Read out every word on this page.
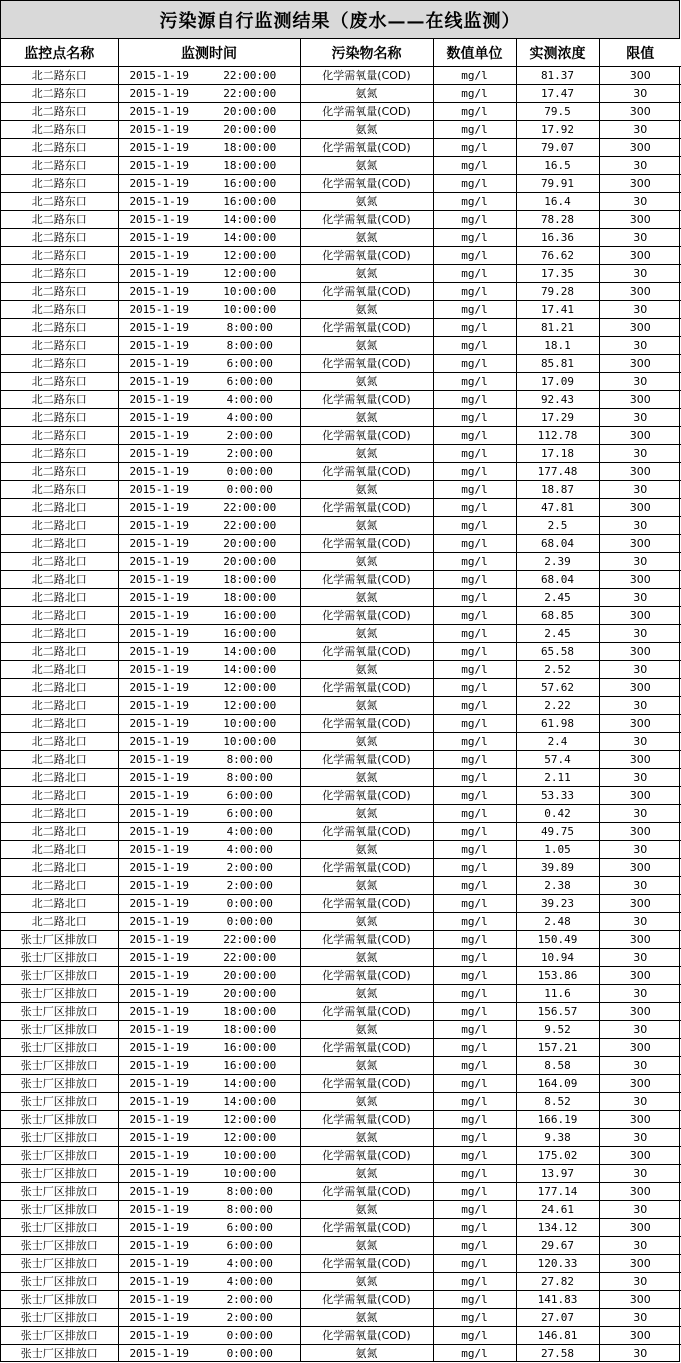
污染源自行监测结果（废水——在线监测）
监控点名称	监测时间		污染物名称	数值单位	实测浓度	限值
北二路东口	2015-1-19	22:00:00	化学需氧量(COD)	mg/l	81.37	300
北二路东口	2015-1-19	22:00:00	氨氮	mg/l	17.47	30
北二路东口	2015-1-19	20:00:00	化学需氧量(COD)	mg/l	79.5	300
北二路东口	2015-1-19	20:00:00	氨氮	mg/l	17.92	30
北二路东口	2015-1-19	18:00:00	化学需氧量(COD)	mg/l	79.07	300
北二路东口	2015-1-19	18:00:00	氨氮	mg/l	16.5	30
北二路东口	2015-1-19	16:00:00	化学需氧量(COD)	mg/l	79.91	300
北二路东口	2015-1-19	16:00:00	氨氮	mg/l	16.4	30
北二路东口	2015-1-19	14:00:00	化学需氧量(COD)	mg/l	78.28	300
北二路东口	2015-1-19	14:00:00	氨氮	mg/l	16.36	30
北二路东口	2015-1-19	12:00:00	化学需氧量(COD)	mg/l	76.62	300
北二路东口	2015-1-19	12:00:00	氨氮	mg/l	17.35	30
北二路东口	2015-1-19	10:00:00	化学需氧量(COD)	mg/l	79.28	300
北二路东口	2015-1-19	10:00:00	氨氮	mg/l	17.41	30
北二路东口	2015-1-19	8:00:00	化学需氧量(COD)	mg/l	81.21	300
北二路东口	2015-1-19	8:00:00	氨氮	mg/l	18.1	30
北二路东口	2015-1-19	6:00:00	化学需氧量(COD)	mg/l	85.81	300
北二路东口	2015-1-19	6:00:00	氨氮	mg/l	17.09	30
北二路东口	2015-1-19	4:00:00	化学需氧量(COD)	mg/l	92.43	300
北二路东口	2015-1-19	4:00:00	氨氮	mg/l	17.29	30
北二路东口	2015-1-19	2:00:00	化学需氧量(COD)	mg/l	112.78	300
北二路东口	2015-1-19	2:00:00	氨氮	mg/l	17.18	30
北二路东口	2015-1-19	0:00:00	化学需氧量(COD)	mg/l	177.48	300
北二路东口	2015-1-19	0:00:00	氨氮	mg/l	18.87	30
北二路北口	2015-1-19	22:00:00	化学需氧量(COD)	mg/l	47.81	300
北二路北口	2015-1-19	22:00:00	氨氮	mg/l	2.5	30
北二路北口	2015-1-19	20:00:00	化学需氧量(COD)	mg/l	68.04	300
北二路北口	2015-1-19	20:00:00	氨氮	mg/l	2.39	30
北二路北口	2015-1-19	18:00:00	化学需氧量(COD)	mg/l	68.04	300
北二路北口	2015-1-19	18:00:00	氨氮	mg/l	2.45	30
北二路北口	2015-1-19	16:00:00	化学需氧量(COD)	mg/l	68.85	300
北二路北口	2015-1-19	16:00:00	氨氮	mg/l	2.45	30
北二路北口	2015-1-19	14:00:00	化学需氧量(COD)	mg/l	65.58	300
北二路北口	2015-1-19	14:00:00	氨氮	mg/l	2.52	30
北二路北口	2015-1-19	12:00:00	化学需氧量(COD)	mg/l	57.62	300
北二路北口	2015-1-19	12:00:00	氨氮	mg/l	2.22	30
北二路北口	2015-1-19	10:00:00	化学需氧量(COD)	mg/l	61.98	300
北二路北口	2015-1-19	10:00:00	氨氮	mg/l	2.4	30
北二路北口	2015-1-19	8:00:00	化学需氧量(COD)	mg/l	57.4	300
北二路北口	2015-1-19	8:00:00	氨氮	mg/l	2.11	30
北二路北口	2015-1-19	6:00:00	化学需氧量(COD)	mg/l	53.33	300
北二路北口	2015-1-19	6:00:00	氨氮	mg/l	0.42	30
北二路北口	2015-1-19	4:00:00	化学需氧量(COD)	mg/l	49.75	300
北二路北口	2015-1-19	4:00:00	氨氮	mg/l	1.05	30
北二路北口	2015-1-19	2:00:00	化学需氧量(COD)	mg/l	39.89	300
北二路北口	2015-1-19	2:00:00	氨氮	mg/l	2.38	30
北二路北口	2015-1-19	0:00:00	化学需氧量(COD)	mg/l	39.23	300
北二路北口	2015-1-19	0:00:00	氨氮	mg/l	2.48	30
张士厂区排放口	2015-1-19	22:00:00	化学需氧量(COD)	mg/l	150.49	300
张士厂区排放口	2015-1-19	22:00:00	氨氮	mg/l	10.94	30
张士厂区排放口	2015-1-19	20:00:00	化学需氧量(COD)	mg/l	153.86	300
张士厂区排放口	2015-1-19	20:00:00	氨氮	mg/l	11.6	30
张士厂区排放口	2015-1-19	18:00:00	化学需氧量(COD)	mg/l	156.57	300
张士厂区排放口	2015-1-19	18:00:00	氨氮	mg/l	9.52	30
张士厂区排放口	2015-1-19	16:00:00	化学需氧量(COD)	mg/l	157.21	300
张士厂区排放口	2015-1-19	16:00:00	氨氮	mg/l	8.58	30
张士厂区排放口	2015-1-19	14:00:00	化学需氧量(COD)	mg/l	164.09	300
张士厂区排放口	2015-1-19	14:00:00	氨氮	mg/l	8.52	30
张士厂区排放口	2015-1-19	12:00:00	化学需氧量(COD)	mg/l	166.19	300
张士厂区排放口	2015-1-19	12:00:00	氨氮	mg/l	9.38	30
张士厂区排放口	2015-1-19	10:00:00	化学需氧量(COD)	mg/l	175.02	300
张士厂区排放口	2015-1-19	10:00:00	氨氮	mg/l	13.97	30
张士厂区排放口	2015-1-19	8:00:00	化学需氧量(COD)	mg/l	177.14	300
张士厂区排放口	2015-1-19	8:00:00	氨氮	mg/l	24.61	30
张士厂区排放口	2015-1-19	6:00:00	化学需氧量(COD)	mg/l	134.12	300
张士厂区排放口	2015-1-19	6:00:00	氨氮	mg/l	29.67	30
张士厂区排放口	2015-1-19	4:00:00	化学需氧量(COD)	mg/l	120.33	300
张士厂区排放口	2015-1-19	4:00:00	氨氮	mg/l	27.82	30
张士厂区排放口	2015-1-19	2:00:00	化学需氧量(COD)	mg/l	141.83	300
张士厂区排放口	2015-1-19	2:00:00	氨氮	mg/l	27.07	30
张士厂区排放口	2015-1-19	0:00:00	化学需氧量(COD)	mg/l	146.81	300
张士厂区排放口	2015-1-19	0:00:00	氨氮	mg/l	27.58	30
